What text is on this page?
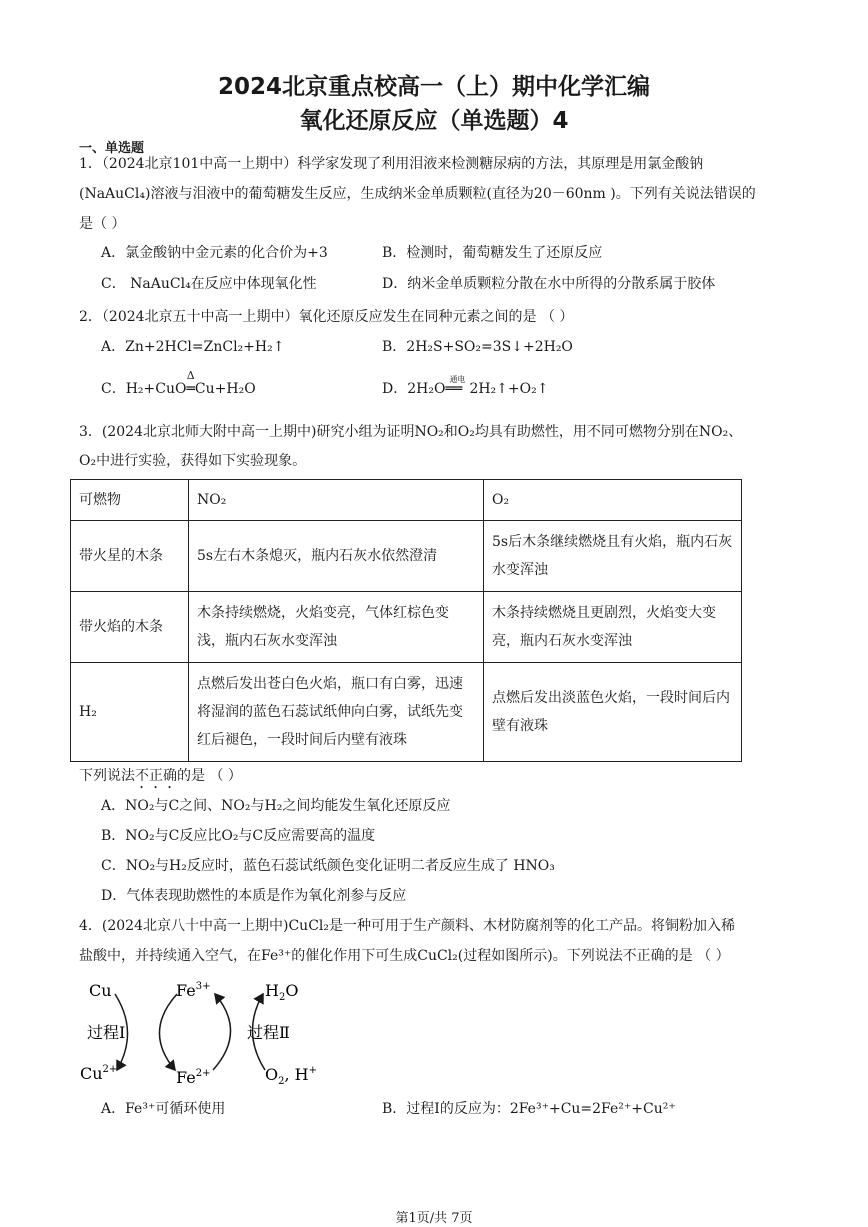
2024北京重点校高一（上）期中化学汇编
氧化还原反应（单选题）4
一、单选题
1．（2024北京101中高一上期中）科学家发现了利用泪液来检测糖尿病的方法，其原理是用氯金酸钠
(NaAuCl₄)溶液与泪液中的葡萄糖发生反应，生成纳米金单质颗粒(直径为20－60nm )。下列有关说法错误的
是（ ）
A．氯金酸钠中金元素的化合价为+3	B．检测时，葡萄糖发生了还原反应
C． NaAuCl₄在反应中体现氧化性	D．纳米金单质颗粒分散在水中所得的分散系属于胶体
2．（2024北京五十中高一上期中）氧化还原反应发生在同种元素之间的是 （ ）
A．Zn+2HCl=ZnCl₂+H₂↑	B．2H₂S+SO₂=3S↓+2H₂O
C．H₂+CuO
Δ
═Cu+H₂O	D．2H₂O
通电
══ 2H₂↑+O₂↑
3．(2024北京北师大附中高一上期中)研究小组为证明NO₂和O₂均具有助燃性，用不同可燃物分别在NO₂、
O₂中进行实验，获得如下实验现象。
可燃物	NO₂	O₂
带火星的木条	5s左右木条熄灭，瓶内石灰水依然澄清	5s后木条继续燃烧且有火焰，瓶内石灰水变浑浊
带火焰的木条	木条持续燃烧，火焰变亮，气体红棕色变浅，瓶内石灰水变浑浊	木条持续燃烧且更剧烈，火焰变大变亮，瓶内石灰水变浑浊
H₂	点燃后发出苍白色火焰，瓶口有白雾，迅速将湿润的蓝色石蕊试纸伸向白雾，试纸先变红后褪色，一段时间后内壁有液珠	点燃后发出淡蓝色火焰，一段时间后内壁有液珠
下列说法不正确的是 （ ）
A．NO₂与C之间、NO₂与H₂之间均能发生氧化还原反应
B．NO₂与C反应比O₂与C反应需要高的温度
C．NO₂与H₂反应时，蓝色石蕊试纸颜色变化证明二者反应生成了 HNO₃
D．气体表现助燃性的本质是作为氧化剂参与反应
4．(2024北京八十中高一上期中)CuCl₂是一种可用于生产颜料、木材防腐剂等的化工产品。将铜粉加入稀
盐酸中，并持续通入空气，在Fe³⁺的催化作用下可生成CuCl₂(过程如图所示)。下列说法不正确的是 （ ）
Cu
$Cu^{2+}$
$Fe^{3+}$
$Fe^{2+}$
$H_2O$
$O_2$, H+
过程Ⅰ	过程Ⅱ
A．Fe³⁺可循环使用	B．过程Ⅰ的反应为：2Fe³⁺+Cu=2Fe²⁺+Cu²⁺
第1页/共 7页
